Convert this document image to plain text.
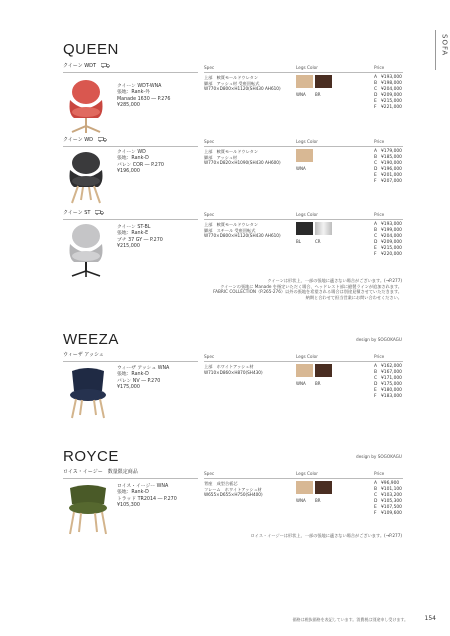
SOFA
QUEEN
クイーン WDT	Spec	Legs Color	Price
クイーン WDT-WNA
張地：Rank-外
Manade 1630 ― P.276
¥285,000
上部　軟質モールドウレタン
脚部　アッシュ材 受座回転式
W770×D800×H1120(SH430 AH610)
WNA BR
A ¥193,000
B ¥198,000
C ¥204,000
D ¥209,000
E ¥215,000
F ¥221,000
クイーン WD	Spec	Legs Color	Price
クイーン WD
張地：Rank-D
バレン COR ― P.270
¥196,000
上部　軟質モールドウレタン
脚部　アッシュ材
W770×D820×H1090(SH430 AH600)
WNA
A ¥179,000
B ¥185,000
C ¥190,000
D ¥196,000
E ¥201,000
F ¥207,000
クイーン ST	Spec	Legs Color	Price
クイーン ST-BL
張地：Rank-E
プチ 37 GY ― P.270
¥215,000
上部　軟質モールドウレタン
脚部　スチール 受座回転式
W770×D800×H1120(SH430 AH610)
BL	CR
A ¥193,000
B ¥199,000
C ¥204,000
D ¥209,000
E ¥215,000
F ¥220,000
クイーンは形状上、一部の張地に適さない場合がございます。(→P.277)
クイーンの張地に Manade を指定いただく場合、ヘッドレスト部に縫製ラインが追加されます。
FABRIC COLLECTION（P.265-276）以外の張地を希望される場合は別途見積させていただきます。
納期と合わせて担当営業にお問い合わせください。
WEEZA	design by SOGOKAGU
ウィーザ アッシュ	Spec	Legs Color	Price
ウィーザ アッシュ WNA
張地：Rank-D
バレン NV ― P.270
¥175,000
上部　ホワイトアッシュ材
W710×D860×H870(SH430)
WNA BR
A ¥162,000
B ¥167,000
C ¥171,000
D ¥175,000
E ¥180,000
F ¥183,000
ROYCE	design by SOGOKAGU
ロイス・イージー　数量限定商品	Spec	Legs Color	Price
ロイス・イージー WNA
張地：Rank-D
トラッド TR2014 ― P.270
¥105,300
背座　成型合板芯
フレーム　ホワイトアッシュ材
W655×D655×H750(SH400)
WNA BR
A ¥96,900
B ¥101,100
C ¥103,200
D ¥105,300
E ¥107,500
F ¥109,600
ロイス・イージーは形状上、一部の張地に適さない場合がございます。(→P.277)
価格は税抜価格を表記しています。消費税は別途申し受けます。	154
